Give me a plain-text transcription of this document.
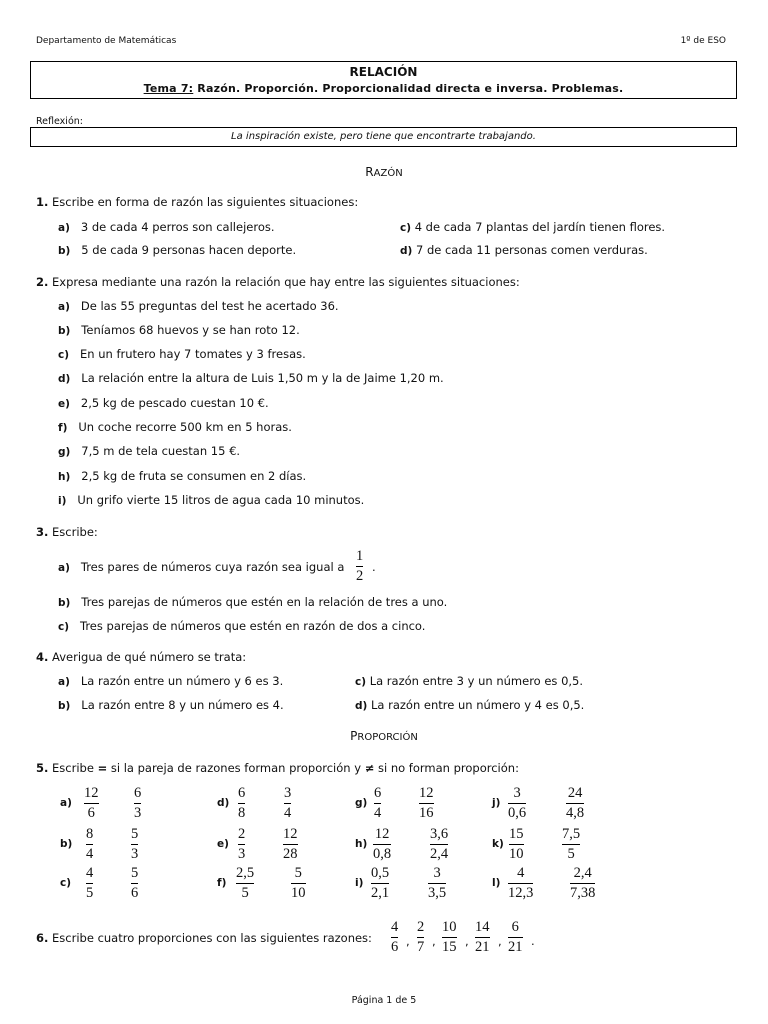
Departamento de Matemáticas	1º de ESO
RELACIÓN
Tema 7: Razón. Proporción. Proporcionalidad directa e inversa. Problemas.
Reflexión:
La inspiración existe, pero tiene que encontrarte trabajando.
RAZÓN
1. Escribe en forma de razón las siguientes situaciones:
a) 3 de cada 4 perros son callejeros.
b) 5 de cada 9 personas hacen deporte.
c) 4 de cada 7 plantas del jardín tienen flores.
d) 7 de cada 11 personas comen verduras.
2. Expresa mediante una razón la relación que hay entre las siguientes situaciones:
a) De las 55 preguntas del test he acertado 36.
b) Teníamos 68 huevos y se han roto 12.
c) En un frutero hay 7 tomates y 3 fresas.
d) La relación entre la altura de Luis 1,50 m y la de Jaime 1,20 m.
e) 2,5 kg de pescado cuestan 10 €.
f) Un coche recorre 500 km en 5 horas.
g) 7,5 m de tela cuestan 15 €.
h) 2,5 kg de fruta se consumen en 2 días.
i) Un grifo vierte 15 litros de agua cada 10 minutos.
3. Escribe:
a) Tres pares de números cuya razón sea igual a
1
2
.
b) Tres parejas de números que estén en la relación de tres a uno.
c) Tres parejas de números que estén en razón de dos a cinco.
4. Averigua de qué número se trata:
a) La razón entre un número y 6 es 3.
b) La razón entre 8 y un número es 4.
c) La razón entre 3 y un número es 0,5.
d) La razón entre un número y 4 es 0,5.
PROPORCIÓN
5. Escribe = si la pareja de razones forman proporción y ≠ si no forman proporción:
a)
12
6
6
3
b)
8
4
5
3
c)
4
5
5
6
d)
6
8
3
4
e)
2
3
12
28
f)
2,5
5
5
10
g)
6
4
12
16
h)
12
0,8
3,6
2,4
i)
0,5
2,1
3
3,5
j)
3
0,6
24
4,8
k)
15
10
7,5
5
l)
4
12,3
2,4
7,38
6. Escribe cuatro proporciones con las siguientes razones:
4
6 ,
2
7 ,
10
15 ,
14
21 ,
6
21 .
Página 1 de 5
